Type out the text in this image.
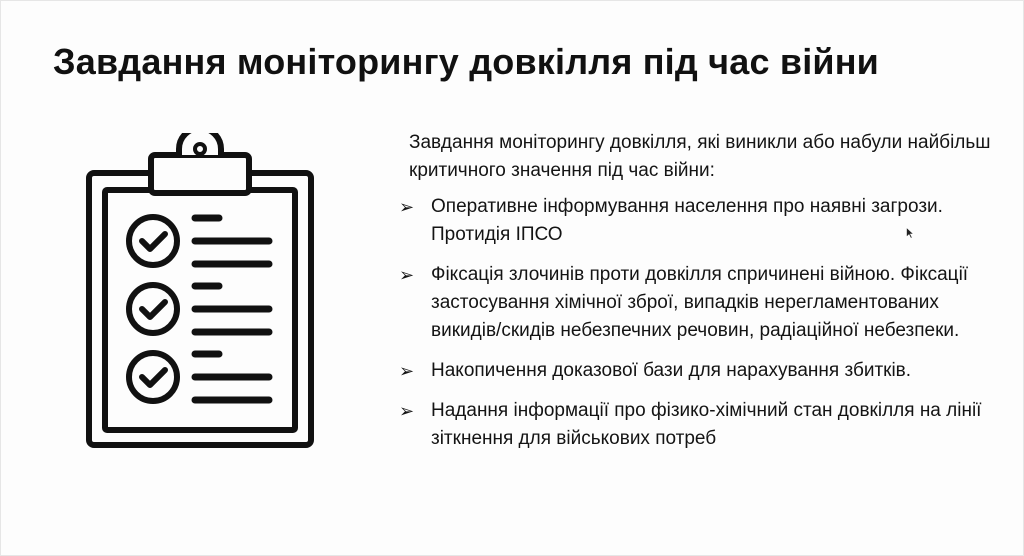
Завдання моніторингу довкілля під час війни

Завдання моніторингу довкілля, які виникли або набули найбільш критичного значення під час війни:

➢ Оперативне інформування населення про наявні загрози. Протидія ІПСО
➢ Фіксація злочинів проти довкілля спричинені війною. Фіксації застосування хімічної зброї, випадків нерегламентованих викидів/скидів небезпечних речовин, радіаційної небезпеки.
➢ Накопичення доказової бази для нарахування збитків.
➢ Надання інформації про фізико-хімічний стан довкілля на лінії зіткнення для військових потреб
